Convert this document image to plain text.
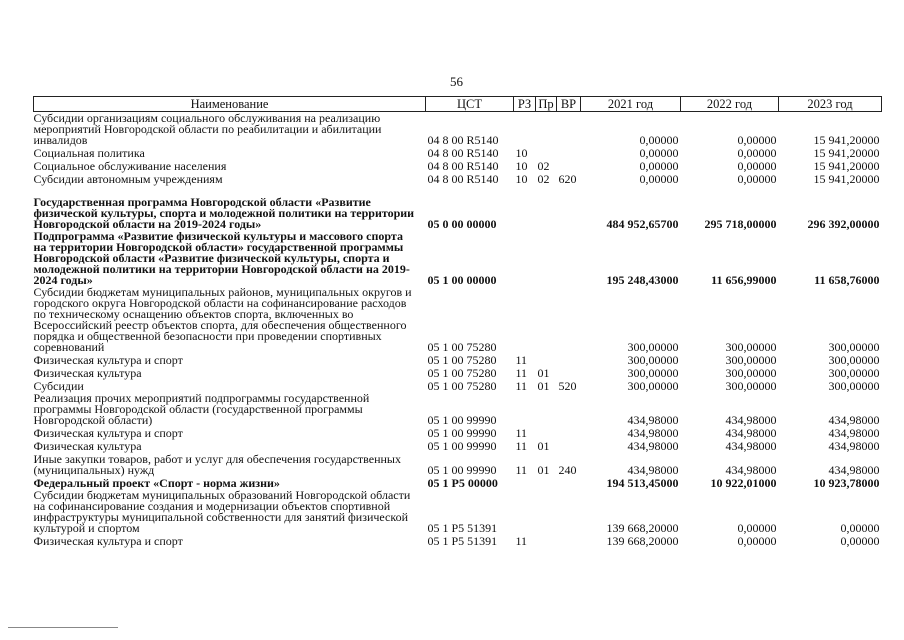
56
Наименование	ЦСТ	РЗ	Пр	ВР	2021 год	2022 год	2023 год
Субсидии организациям социального обслуживания на реализацию мероприятий Новгородской области по реабилитации и абилитации инвалидов	04 8 00 R5140				0,00000	0,00000	15 941,20000
Социальная политика	04 8 00 R5140	10			0,00000	0,00000	15 941,20000
Социальное обслуживание населения	04 8 00 R5140	10	02		0,00000	0,00000	15 941,20000
Субсидии автономным учреждениям	04 8 00 R5140	10	02	620	0,00000	0,00000	15 941,20000
Государственная программа Новгородской области «Развитие физической культуры, спорта и молодежной политики на территории Новгородской области на 2019-2024 годы»	05 0 00 00000				484 952,65700	295 718,00000	296 392,00000
Подпрограмма «Развитие физической культуры и массового спорта на территории Новгородской области» государственной программы Новгородской области «Развитие физической культуры, спорта и молодежной политики на территории Новгородской области на 2019-2024 годы»	05 1 00 00000				195 248,43000	11 656,99000	11 658,76000
Субсидии бюджетам муниципальных районов, муниципальных округов и городского округа Новгородской области на софинансирование расходов по техническому оснащению объектов спорта, включенных во Всероссийский реестр объектов спорта, для обеспечения общественного порядка и общественной безопасности при проведении спортивных соревнований	05 1 00 75280				300,00000	300,00000	300,00000
Физическая культура и спорт	05 1 00 75280	11			300,00000	300,00000	300,00000
Физическая культура	05 1 00 75280	11	01		300,00000	300,00000	300,00000
Субсидии	05 1 00 75280	11	01	520	300,00000	300,00000	300,00000
Реализация прочих мероприятий подпрограммы государственной программы Новгородской области (государственной программы Новгородской области)	05 1 00 99990				434,98000	434,98000	434,98000
Физическая культура и спорт	05 1 00 99990	11			434,98000	434,98000	434,98000
Физическая культура	05 1 00 99990	11	01		434,98000	434,98000	434,98000
Иные закупки товаров, работ и услуг для обеспечения государственных (муниципальных) нужд	05 1 00 99990	11	01	240	434,98000	434,98000	434,98000
Федеральный проект «Спорт - норма жизни»	05 1 P5 00000				194 513,45000	10 922,01000	10 923,78000
Субсидии бюджетам муниципальных образований Новгородской области на софинансирование создания и модернизации объектов спортивной инфраструктуры муниципальной собственности для занятий физической культурой и спортом	05 1 P5 51391				139 668,20000	0,00000	0,00000
Физическая культура и спорт	05 1 P5 51391	11			139 668,20000	0,00000	0,00000
